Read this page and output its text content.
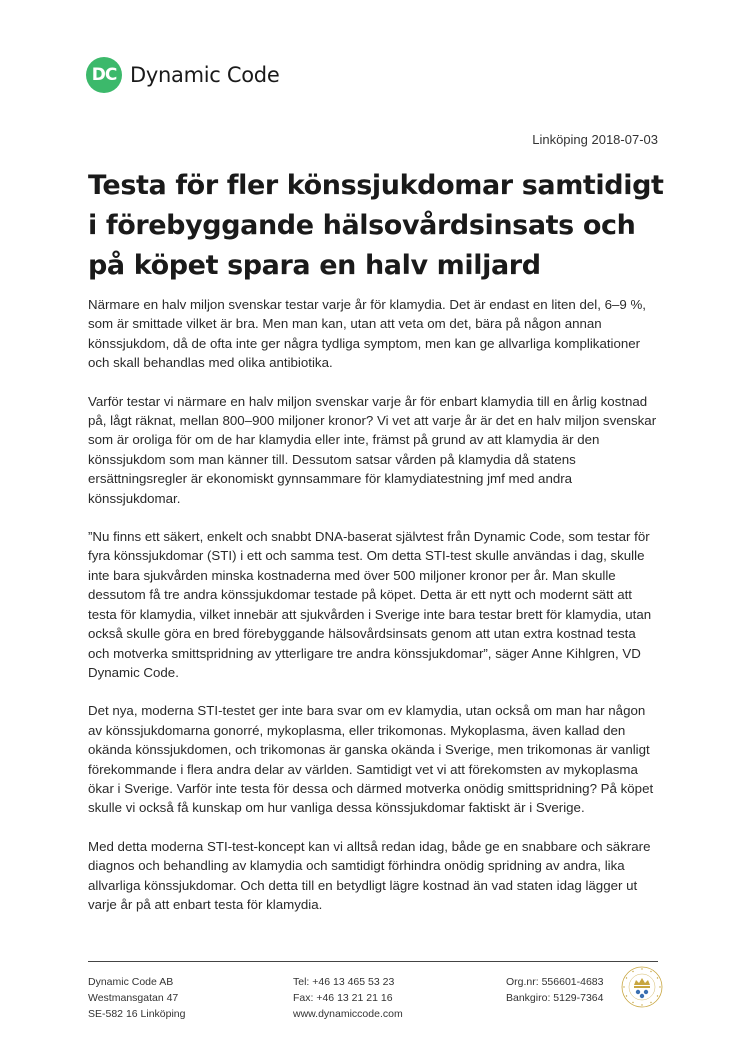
DC Dynamic Code
Linköping 2018-07-03
Testa för fler könssjukdomar samtidigt i förebyggande hälsovårdsinsats och på köpet spara en halv miljard

Närmare en halv miljon svenskar testar varje år för klamydia. Det är endast en liten del, 6–9 %, som är smittade vilket är bra. Men man kan, utan att veta om det, bära på någon annan könssjukdom, då de ofta inte ger några tydliga symptom, men kan ge allvarliga komplikationer och skall behandlas med olika antibiotika.

Varför testar vi närmare en halv miljon svenskar varje år för enbart klamydia till en årlig kostnad på, lågt räknat, mellan 800–900 miljoner kronor? Vi vet att varje år är det en halv miljon svenskar som är oroliga för om de har klamydia eller inte, främst på grund av att klamydia är den könssjukdom som man känner till. Dessutom satsar vården på klamydia då statens ersättningsregler är ekonomiskt gynnsammare för klamydiatestning jmf med andra könssjukdomar.

”Nu finns ett säkert, enkelt och snabbt DNA-baserat självtest från Dynamic Code, som testar för fyra könssjukdomar (STI) i ett och samma test. Om detta STI-test skulle användas i dag, skulle inte bara sjukvården minska kostnaderna med över 500 miljoner kronor per år. Man skulle dessutom få tre andra könssjukdomar testade på köpet. Detta är ett nytt och modernt sätt att testa för klamydia, vilket innebär att sjukvården i Sverige inte bara testar brett för klamydia, utan också skulle göra en bred förebyggande hälsovårdsinsats genom att utan extra kostnad testa och motverka smittspridning av ytterligare tre andra könssjukdomar”, säger Anne Kihlgren, VD Dynamic Code.

Det nya, moderna STI-testet ger inte bara svar om ev klamydia, utan också om man har någon av könssjukdomarna gonorré, mykoplasma, eller trikomonas. Mykoplasma, även kallad den okända könssjukdomen, och trikomonas är ganska okända i Sverige, men trikomonas är vanligt förekommande i flera andra delar av världen. Samtidigt vet vi att förekomsten av mykoplasma ökar i Sverige. Varför inte testa för dessa och därmed motverka onödig smittspridning? På köpet skulle vi också få kunskap om hur vanliga dessa könssjukdomar faktiskt är i Sverige.

Med detta moderna STI-test-koncept kan vi alltså redan idag, både ge en snabbare och säkrare diagnos och behandling av klamydia och samtidigt förhindra onödig spridning av andra, lika allvarliga könssjukdomar. Och detta till en betydligt lägre kostnad än vad staten idag lägger ut varje år på att enbart testa för klamydia.

Dynamic Code AB
Westmansgatan 47
SE-582 16 Linköping
Tel: +46 13 465 53 23
Fax: +46 13 21 21 16
www.dynamiccode.com
Org.nr: 556601-4683
Bankgiro: 5129-7364
